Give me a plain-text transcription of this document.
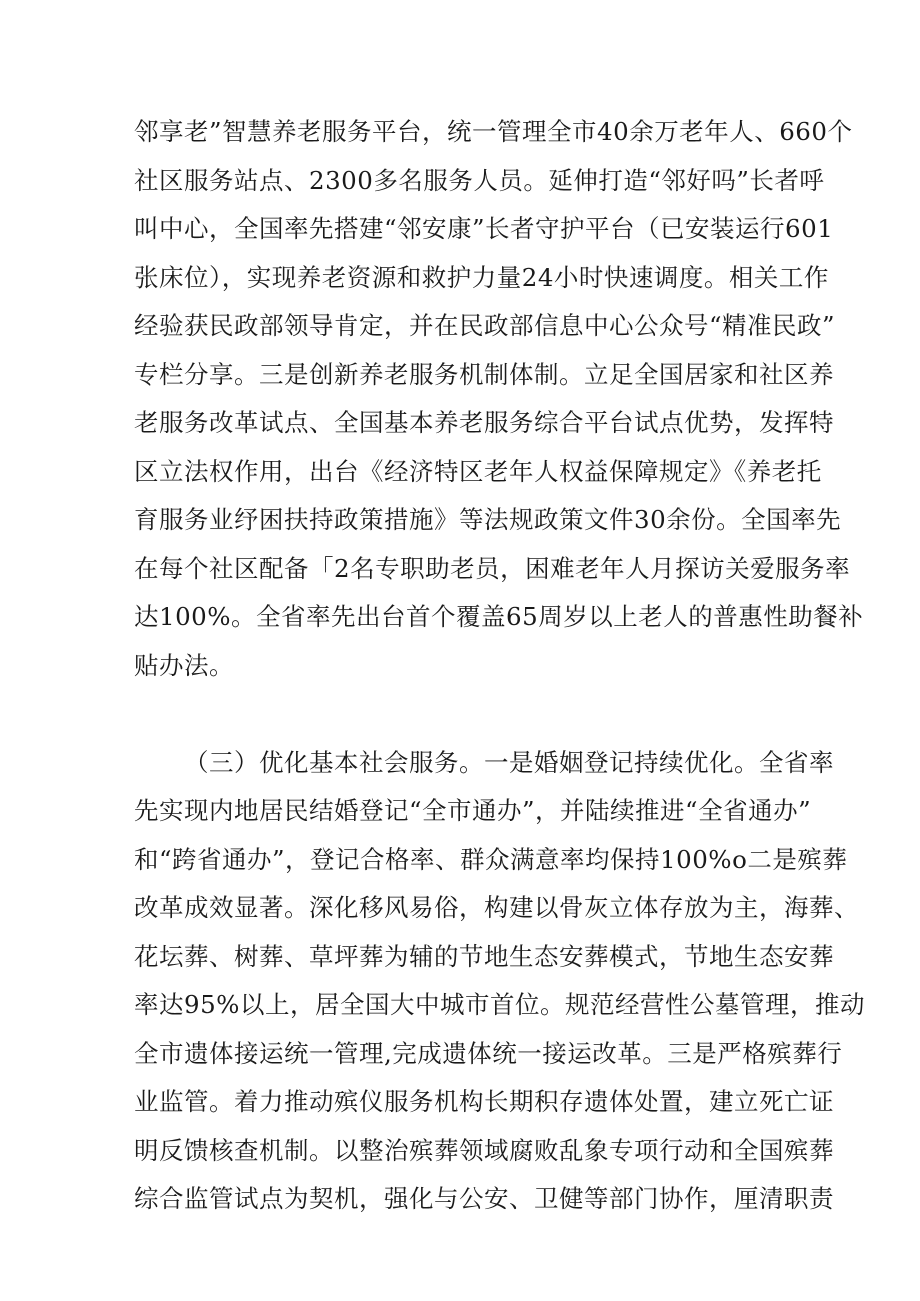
邻享老”智慧养老服务平台，统一管理全市40余万老年人、660个
社区服务站点、2300多名服务人员。延伸打造“邻好吗”长者呼
叫中心，全国率先搭建“邻安康”长者守护平台（已安装运行601
张床位），实现养老资源和救护力量24小时快速调度。相关工作
经验获民政部领导肯定，并在民政部信息中心公众号“精准民政”
专栏分享。三是创新养老服务机制体制。立足全国居家和社区养
老服务改革试点、全国基本养老服务综合平台试点优势，发挥特
区立法权作用，出台《经济特区老年人权益保障规定》《养老托
育服务业纾困扶持政策措施》等法规政策文件30余份。全国率先
在每个社区配备「2名专职助老员，困难老年人月探访关爱服务率
达100%。全省率先出台首个覆盖65周岁以上老人的普惠性助餐补
贴办法。
（三）优化基本社会服务。一是婚姻登记持续优化。全省率
先实现内地居民结婚登记“全市通办”，并陆续推进“全省通办”
和“跨省通办”，登记合格率、群众满意率均保持100%o二是殡葬
改革成效显著。深化移风易俗，构建以骨灰立体存放为主，海葬、
花坛葬、树葬、草坪葬为辅的节地生态安葬模式，节地生态安葬
率达95%以上，居全国大中城市首位。规范经营性公墓管理，推动
全市遗体接运统一管理,完成遗体统一接运改革。三是严格殡葬行
业监管。着力推动殡仪服务机构长期积存遗体处置，建立死亡证
明反馈核查机制。以整治殡葬领域腐败乱象专项行动和全国殡葬
综合监管试点为契机，强化与公安、卫健等部门协作，厘清职责
